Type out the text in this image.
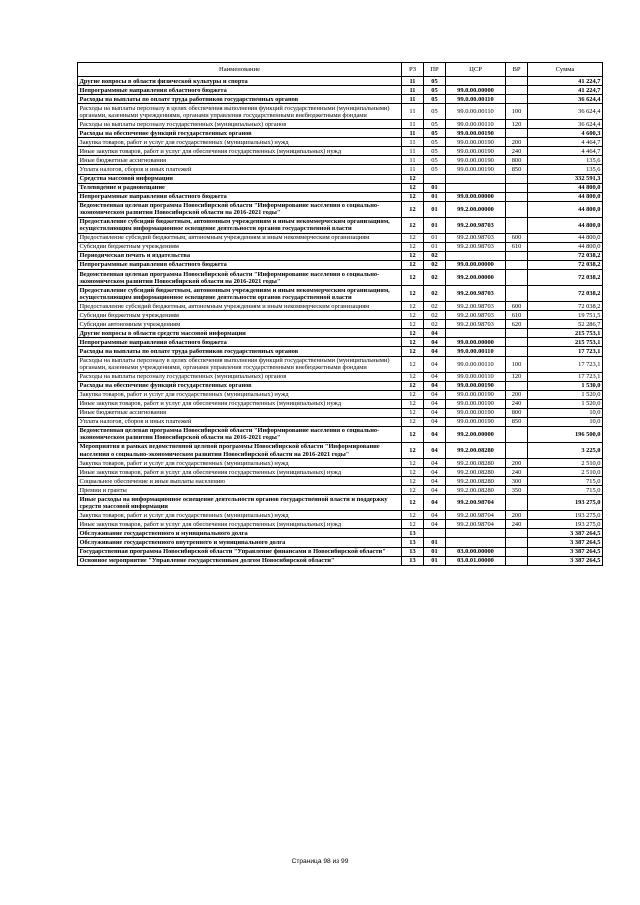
Наименование	РЗ	ПР	ЦСР	ВР	Сумма
Другие вопросы в области физической культуры и спорта	11	05			41 224,7
Непрограммные направления областного бюджета	11	05	99.0.00.00000		41 224,7
Расходы на выплаты по оплате труда работников государственных органов	11	05	99.0.00.00110		36 624,4
Расходы на выплаты персоналу в целях обеспечения выполнения функций государственными (муниципальными) органами, казенными учреждениями, органами управления государственными внебюджетными фондами	11	05	99.0.00.00110	100	36 624,4
Расходы на выплаты персоналу государственных (муниципальных) органов	11	05	99.0.00.00110	120	36 624,4
Расходы на обеспечение функций государственных органов	11	05	99.0.00.00190		4 600,3
Закупка товаров, работ и услуг для государственных (муниципальных) нужд	11	05	99.0.00.00190	200	4 464,7
Иные закупки товаров, работ и услуг для обеспечения государственных (муниципальных) нужд	11	05	99.0.00.00190	240	4 464,7
Иные бюджетные ассигнования	11	05	99.0.00.00190	800	135,6
Уплата налогов, сборов и иных платежей	11	05	99.0.00.00190	850	135,6
Средства массовой информации	12				332 591,3
Телевидение и радиовещание	12	01			44 800,0
Непрограммные направления областного бюджета	12	01	99.0.00.00000		44 800,0
Ведомственная целевая программа Новосибирской области "Информирование населения о социально-экономическом развитии Новосибирской области на 2016-2021 годы"	12	01	99.2.00.00000		44 800,0
Предоставление субсидий бюджетным, автономным учреждениям и иным некоммерческим организациям, осуществляющим информационное освещение деятельности органов государственной власти	12	01	99.2.00.98703		44 800,0
Предоставление субсидий бюджетным, автономным учреждениям и иным некоммерческим организациям	12	01	99.2.00.98703	600	44 800,0
Субсидии бюджетным учреждениям	12	01	99.2.00.98703	610	44 800,0
Периодическая печать и издательства	12	02			72 038,2
Непрограммные направления областного бюджета	12	02	99.0.00.00000		72 038,2
Ведомственная целевая программа Новосибирской области "Информирование населения о социально-экономическом развитии Новосибирской области на 2016-2021 годы"	12	02	99.2.00.00000		72 038,2
Предоставление субсидий бюджетным, автономным учреждениям и иным некоммерческим организациям, осуществляющим информационное освещение деятельности органов государственной власти	12	02	99.2.00.98703		72 038,2
Предоставление субсидий бюджетным, автономным учреждениям и иным некоммерческим организациям	12	02	99.2.00.98703	600	72 038,2
Субсидии бюджетным учреждениям	12	02	99.2.00.98703	610	19 751,5
Субсидии автономным учреждениям	12	02	99.2.00.98703	620	52 286,7
Другие вопросы в области средств массовой информации	12	04			215 753,1
Непрограммные направления областного бюджета	12	04	99.0.00.00000		215 753,1
Расходы на выплаты по оплате труда работников государственных органов	12	04	99.0.00.00110		17 723,1
Расходы на выплаты персоналу в целях обеспечения выполнения функций государственными (муниципальными) органами, казенными учреждениями, органами управления государственными внебюджетными фондами	12	04	99.0.00.00110	100	17 723,1
Расходы на выплаты персоналу государственных (муниципальных) органов	12	04	99.0.00.00110	120	17 723,1
Расходы на обеспечение функций государственных органов	12	04	99.0.00.00190		1 530,0
Закупка товаров, работ и услуг для государственных (муниципальных) нужд	12	04	99.0.00.00190	200	1 520,0
Иные закупки товаров, работ и услуг для обеспечения государственных (муниципальных) нужд	12	04	99.0.00.00190	240	1 520,0
Иные бюджетные ассигнования	12	04	99.0.00.00190	800	10,0
Уплата налогов, сборов и иных платежей	12	04	99.0.00.00190	850	10,0
Ведомственная целевая программа Новосибирской области "Информирование населения о социально-экономическом развитии Новосибирской области на 2016-2021 годы"	12	04	99.2.00.00000		196 500,0
Мероприятия в рамках ведомственной целевой программы Новосибирской области "Информирование населения о социально-экономическом развитии Новосибирской области на 2016-2021 годы"	12	04	99.2.00.08280		3 225,0
Закупка товаров, работ и услуг для государственных (муниципальных) нужд	12	04	99.2.00.08280	200	2 510,0
Иные закупки товаров, работ и услуг для обеспечения государственных (муниципальных) нужд	12	04	99.2.00.08280	240	2 510,0
Социальное обеспечение и иные выплаты населению	12	04	99.2.00.08280	300	715,0
Премии и гранты	12	04	99.2.00.08280	350	715,0
Иные расходы на информационное освещение деятельности органов государственной власти и поддержку средств массовой информации	12	04	99.2.00.98704		193 275,0
Закупка товаров, работ и услуг для государственных (муниципальных) нужд	12	04	99.2.00.98704	200	193 275,0
Иные закупки товаров, работ и услуг для обеспечения государственных (муниципальных) нужд	12	04	99.2.00.98704	240	193 275,0
Обслуживание государственного и муниципального долга	13				3 387 264,5
Обслуживание государственного внутреннего и муниципального долга	13	01			3 387 264,5
Государственная программа Новосибирской области "Управление финансами в Новосибирской области"	13	01	03.0.00.00000		3 387 264,5
Основное мероприятие "Управление государственным долгом Новосибирской области"	13	01	03.0.01.00000		3 387 264,5
Страница 98 из 99
